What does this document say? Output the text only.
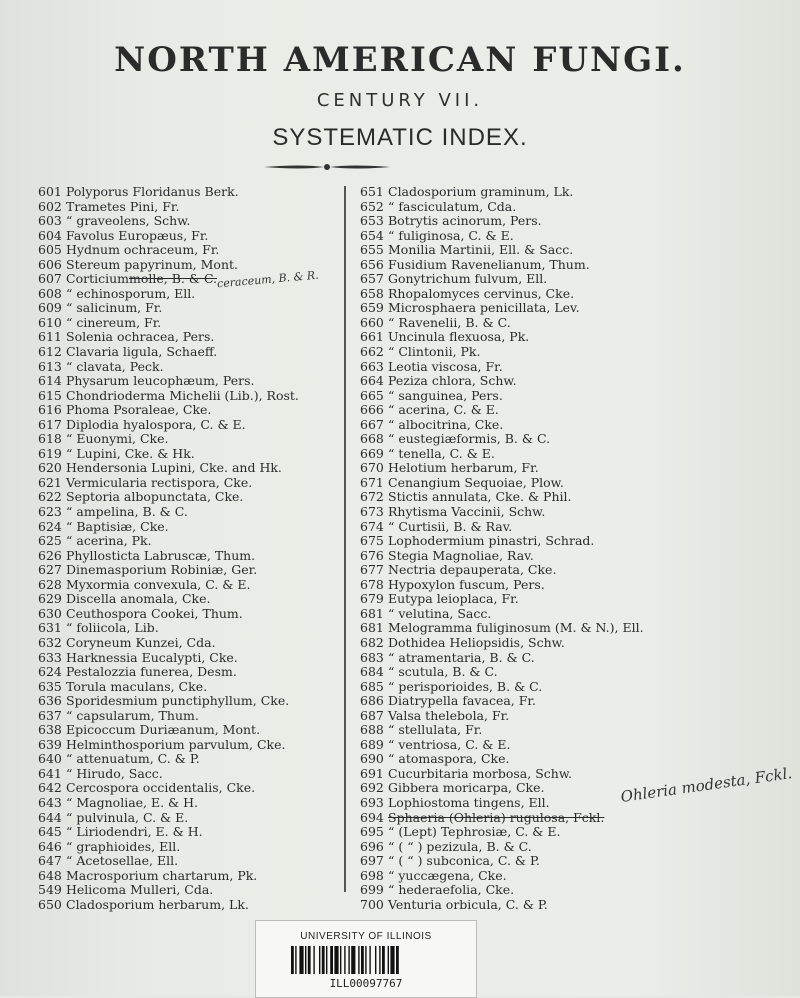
NORTH AMERICAN FUNGI.
CENTURY VII.
SYSTEMATIC INDEX.
601 Polyporus Floridanus Berk.
602 Trametes Pini, Fr.
603 “ graveolens, Schw.
604 Favolus Europæus, Fr.
605 Hydnum ochraceum, Fr.
606 Stereum papyrinum, Mont.
607 Corticiummolle, B. & C.ceraceum, B. & R.
608 “ echinosporum, Ell.
609 “ salicinum, Fr.
610 “ cinereum, Fr.
611 Solenia ochracea, Pers.
612 Clavaria ligula, Schaeff.
613 “ clavata, Peck.
614 Physarum leucophæum, Pers.
615 Chondrioderma Michelii (Lib.), Rost.
616 Phoma Psoraleae, Cke.
617 Diplodia hyalospora, C. & E.
618 “ Euonymi, Cke.
619 “ Lupini, Cke. & Hk.
620 Hendersonia Lupini, Cke. and Hk.
621 Vermicularia rectispora, Cke.
622 Septoria albopunctata, Cke.
623 “ ampelina, B. & C.
624 “ Baptisiæ, Cke.
625 “ acerina, Pk.
626 Phyllosticta Labruscæ, Thum.
627 Dinemasporium Robiniæ, Ger.
628 Myxormia convexula, C. & E.
629 Discella anomala, Cke.
630 Ceuthospora Cookei, Thum.
631 “ foliicola, Lib.
632 Coryneum Kunzei, Cda.
633 Harknessia Eucalypti, Cke.
624 Pestalozzia funerea, Desm.
635 Torula maculans, Cke.
636 Sporidesmium punctiphyllum, Cke.
637 “ capsularum, Thum.
638 Epicoccum Duriæanum, Mont.
639 Helminthosporium parvulum, Cke.
640 “ attenuatum, C. & P.
641 “ Hirudo, Sacc.
642 Cercospora occidentalis, Cke.
643 “ Magnoliae, E. & H.
644 “ pulvinula, C. & E.
645 “ Liriodendri, E. & H.
646 “ graphioides, Ell.
647 “ Acetosellae, Ell.
648 Macrosporium chartarum, Pk.
549 Helicoma Mulleri, Cda.
650 Cladosporium herbarum, Lk.
651 Cladosporium graminum, Lk.
652 “ fasciculatum, Cda.
653 Botrytis acinorum, Pers.
654 “ fuliginosa, C. & E.
655 Monilia Martinii, Ell. & Sacc.
656 Fusidium Ravenelianum, Thum.
657 Gonytrichum fulvum, Ell.
658 Rhopalomyces cervinus, Cke.
659 Microsphaera penicillata, Lev.
660 “ Ravenelii, B. & C.
661 Uncinula flexuosa, Pk.
662 “ Clintonii, Pk.
663 Leotia viscosa, Fr.
664 Peziza chlora, Schw.
665 “ sanguinea, Pers.
666 “ acerina, C. & E.
667 “ albocitrina, Cke.
668 “ eustegiæformis, B. & C.
669 “ tenella, C. & E.
670 Helotium herbarum, Fr.
671 Cenangium Sequoiae, Plow.
672 Stictis annulata, Cke. & Phil.
673 Rhytisma Vaccinii, Schw.
674 “ Curtisii, B. & Rav.
675 Lophodermium pinastri, Schrad.
676 Stegia Magnoliae, Rav.
677 Nectria depauperata, Cke.
678 Hypoxylon fuscum, Pers.
679 Eutypa leioplaca, Fr.
681 “ velutina, Sacc.
681 Melogramma fuliginosum (M. & N.), Ell.
682 Dothidea Heliopsidis, Schw.
683 “ atramentaria, B. & C.
684 “ scutula, B. & C.
685 “ perisporioides, B. & C.
686 Diatrypella favacea, Fr.
687 Valsa thelebola, Fr.
688 “ stellulata, Fr.
689 “ ventriosa, C. & E.
690 “ atomaspora, Cke.
691 Cucurbitaria morbosa, Schw.
692 Gibbera moricarpa, Cke.
693 Lophiostoma tingens, Ell.
694 Sphaeria (Ohleria) rugulosa, Fckl.
695 “ (Lept) Tephrosiæ, C. & E.
696 “ ( “ ) pezizula, B. & C.
697 “ ( “ ) subconica, C. & P.
698 “ yuccægena, Cke.
699 “ hederaefolia, Cke.
700 Venturia orbicula, C. & P.
Ohleria modesta, Fckl.
UNIVERSITY OF ILLINOIS
ILL00097767
